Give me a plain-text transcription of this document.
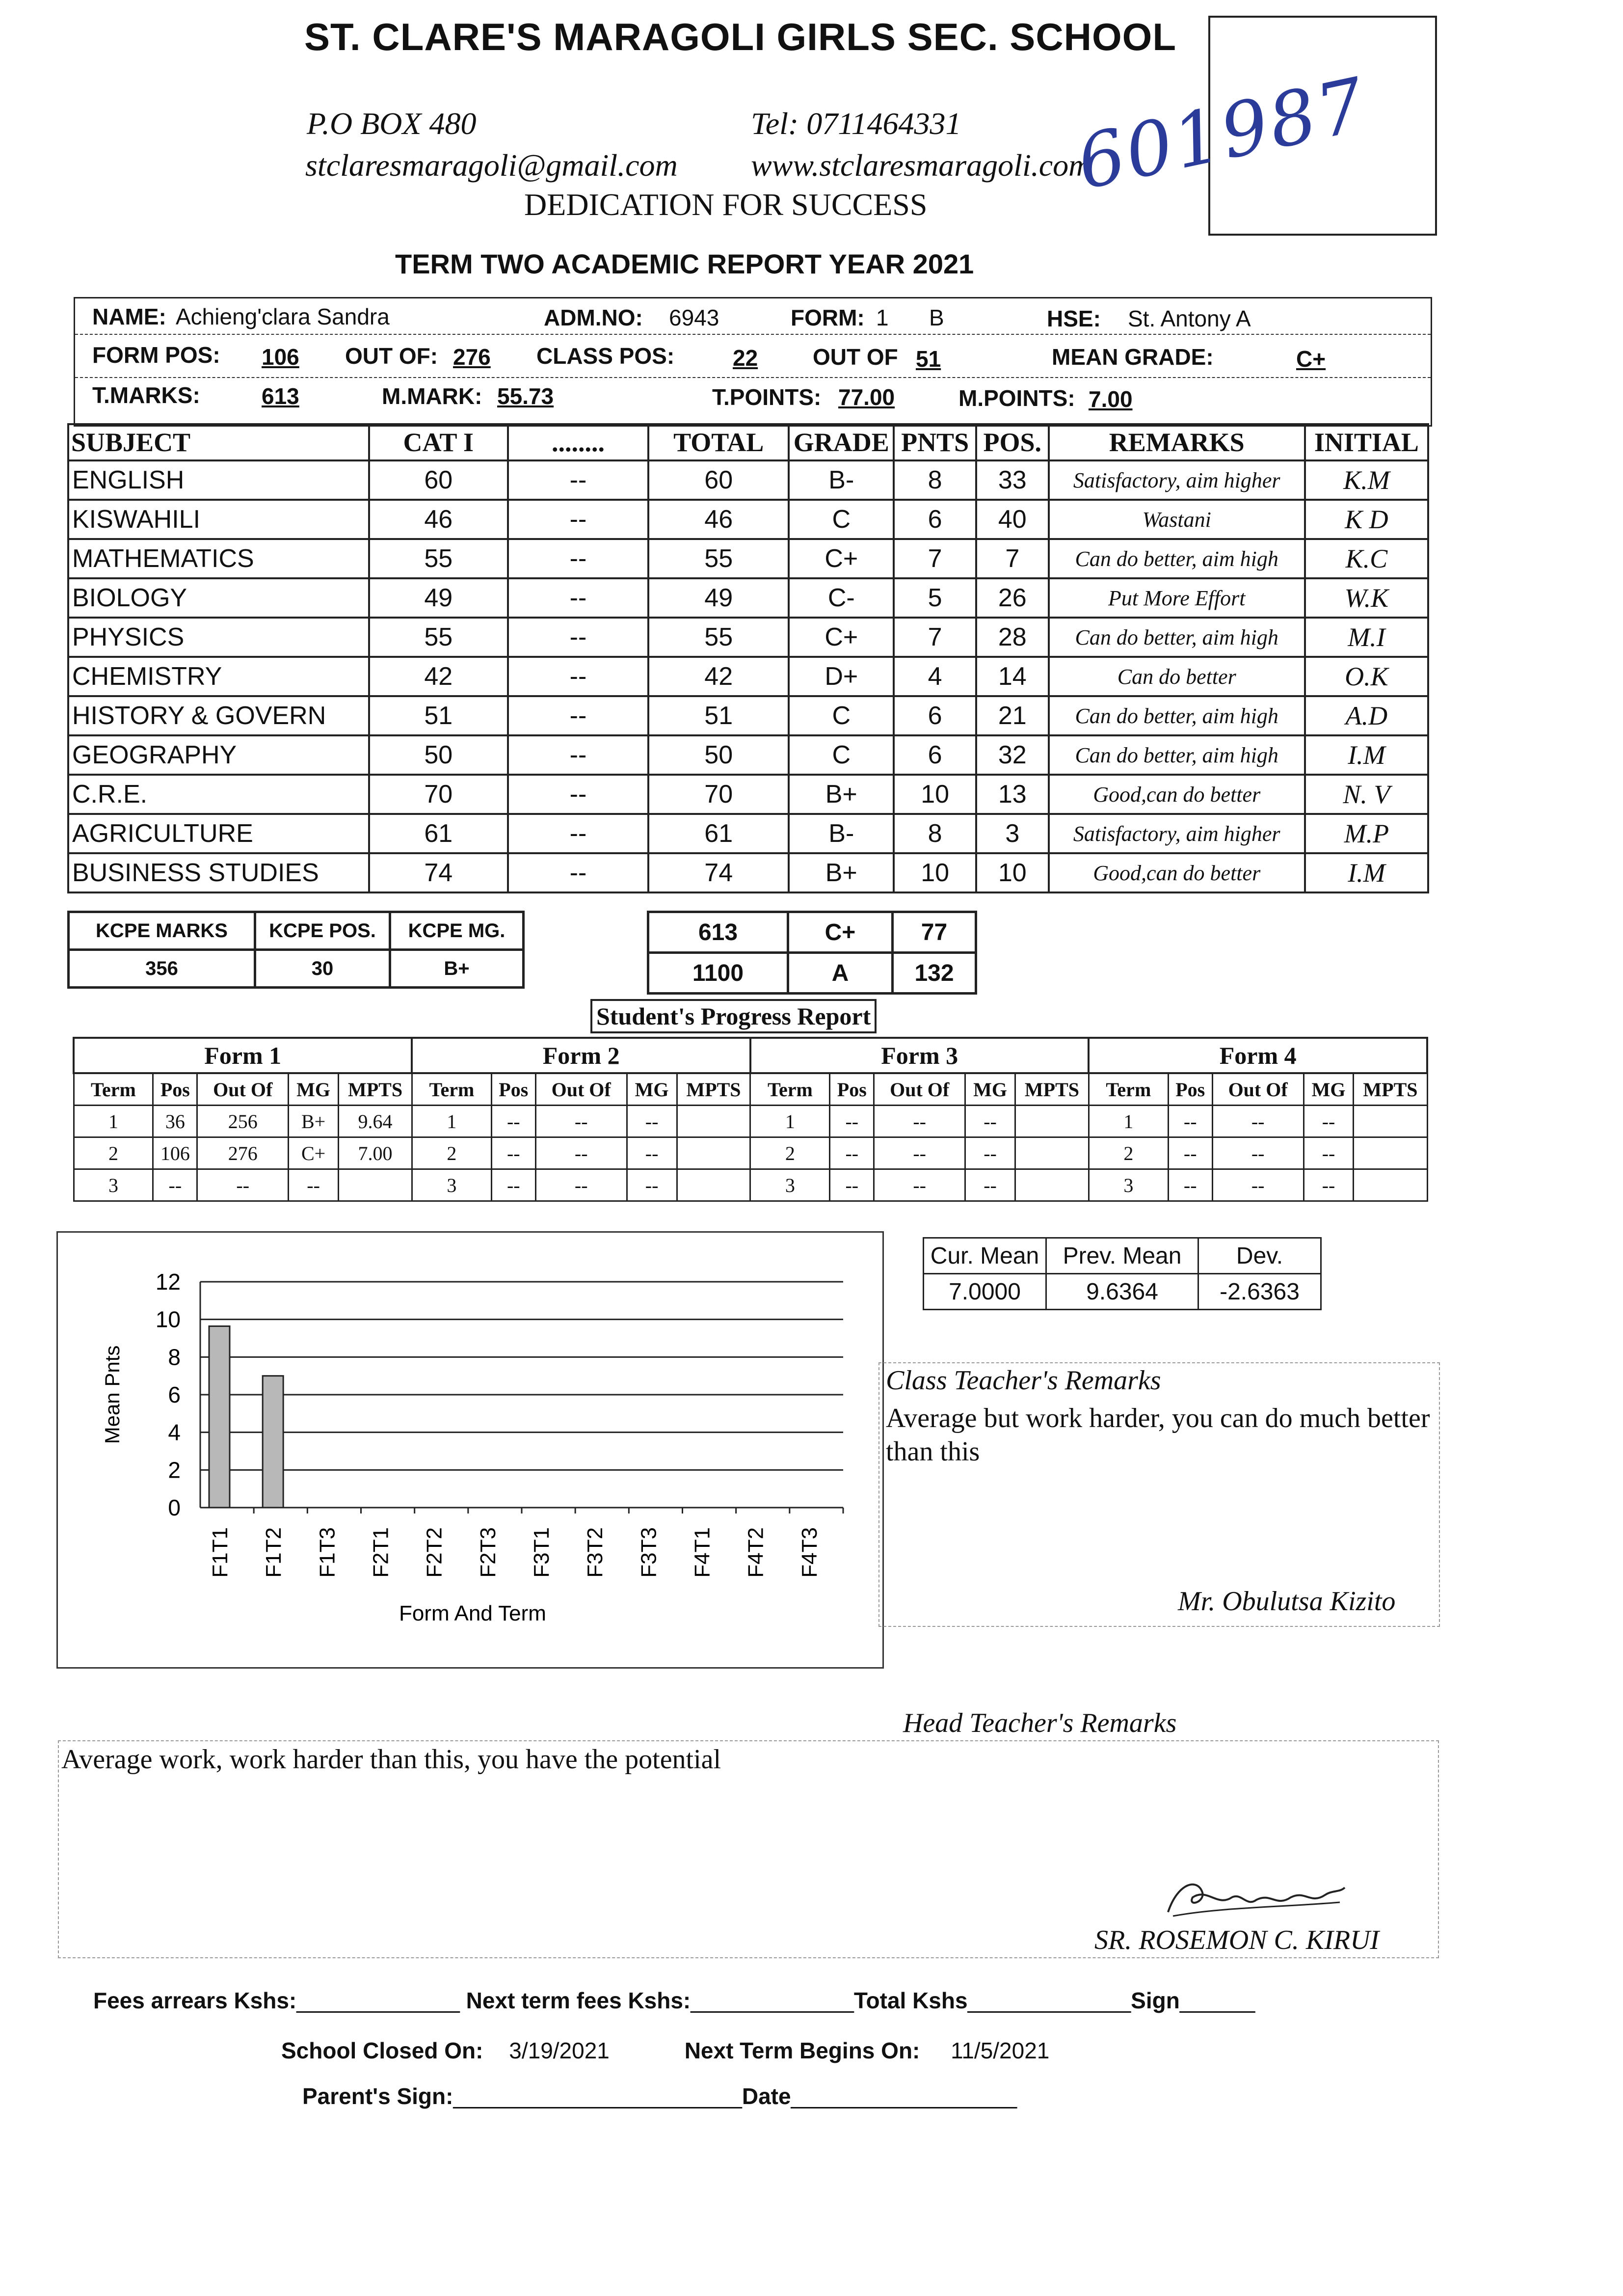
ST. CLARE'S MARAGOLI GIRLS SEC. SCHOOL
P.O BOX 480	Tel: 0711464331
stclaresmaragoli@gmail.com www.stclaresmaragoli.com
DEDICATION FOR SUCCESS
TERM TWO ACADEMIC REPORT YEAR 2021
601987
NAME: Achieng'clara Sandra	ADM.NO: 6943	FORM: 1 B	HSE: St. Antony A
FORM POS: 106 OUT OF: 276 CLASS POS:	22 OUT OF 51	MEAN GRADE:	C+
T.MARKS:	613	M.MARK: 55.73	T.POINTS: 77.00	M.POINTS: 7.00
SUBJECT	CAT I	........	TOTAL	GRADE	PNTS	POS.	REMARKS	INITIAL
ENGLISH	60	--	60	B-	8	33	Satisfactory, aim higher	K.M
KISWAHILI	46	--	46	C	6	40	Wastani	K D
MATHEMATICS	55	--	55	C+	7	7	Can do better, aim high	K.C
BIOLOGY	49	--	49	C-	5	26	Put More Effort	W.K
PHYSICS	55	--	55	C+	7	28	Can do better, aim high	M.I
CHEMISTRY	42	--	42	D+	4	14	Can do better	O.K
HISTORY & GOVERN	51	--	51	C	6	21	Can do better, aim high	A.D
GEOGRAPHY	50	--	50	C	6	32	Can do better, aim high	I.M
C.R.E.	70	--	70	B+	10	13	Good,can do better	N. V
AGRICULTURE	61	--	61	B-	8	3	Satisfactory, aim higher	M.P
BUSINESS STUDIES	74	--	74	B+	10	10	Good,can do better	I.M
KCPE MARKS	KCPE POS.	KCPE MG.
356	30	B+
613	C+	77
1100	A	132
Student's Progress Report
Form 1					Form 2					Form 3					Form 4				
Term	Pos	Out Of	MG	MPTS	Term	Pos	Out Of	MG	MPTS	Term	Pos	Out Of	MG	MPTS	Term	Pos	Out Of	MG	MPTS
1	36	256	B+	9.64	1	--	--	--		1	--	--	--		1	--	--	--	
2	106	276	C+	7.00	2	--	--	--		2	--	--	--		2	--	--	--	
3	--	--	--		3	--	--	--		3	--	--	--		3	--	--	--	
0
2
4
6
8
10
12
F1T1 F1T2 F1T3 F2T1 F2T2 F2T3 F3T1 F3T2 F3T3 F4T1 F4T2 F4T3
Form And Term
Mean Pnts
Cur. Mean	Prev. Mean	Dev.
7.0000	9.6364	-2.6363
Class Teacher's Remarks
Average but work harder, you can do much better than this
Mr. Obulutsa Kizito
Head Teacher's Remarks
Average work, work harder than this, you have the potential
SR. ROSEMON C. KIRUI
Fees arrears Kshs:_____________ Next term fees Kshs:_____________Total Kshs_____________Sign______
School Closed On: 3/19/2021	Next Term Begins On: 11/5/2021
Parent's Sign:_______________________Date__________________
